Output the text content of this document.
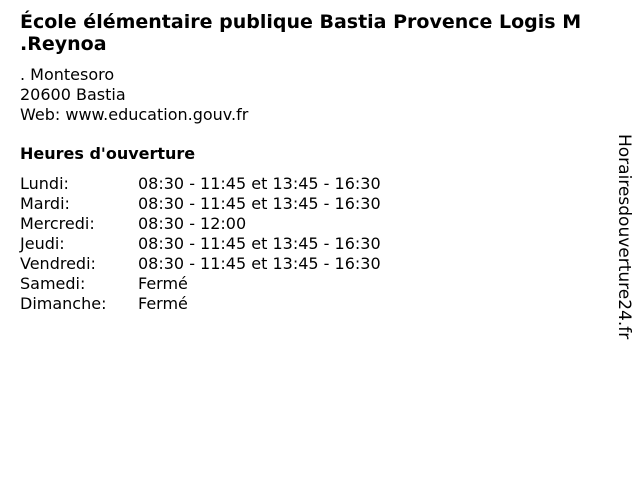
École élémentaire publique Bastia Provence Logis M .Reynoa
. Montesoro
20600 Bastia
Web: www.education.gouv.fr
Heures d'ouverture
Lundi:	08:30 - 11:45 et 13:45 - 16:30
Mardi:	08:30 - 11:45 et 13:45 - 16:30
Mercredi:	08:30 - 12:00
Jeudi:	08:30 - 11:45 et 13:45 - 16:30
Vendredi:	08:30 - 11:45 et 13:45 - 16:30
Samedi:	Fermé
Dimanche:	Fermé	Horairesdouverture24.fr
